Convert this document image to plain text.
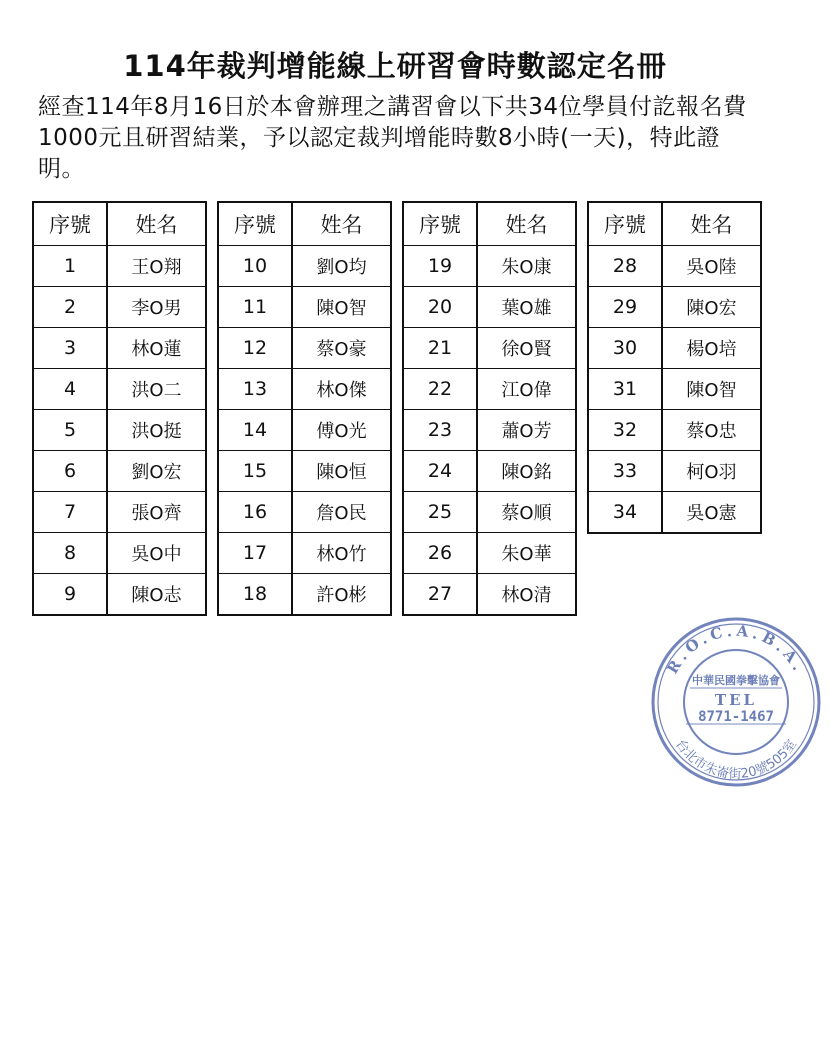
114年裁判增能線上研習會時數認定名冊
經查114年8月16日於本會辦理之講習會以下共34位學員付訖報名費1000元且研習結業，予以認定裁判增能時數8小時(一天)，特此證明。
序號	姓名
1	王O翔
2	李O男
3	林O蓮
4	洪O二
5	洪O挺
6	劉O宏
7	張O齊
8	吳O中
9	陳O志
序號	姓名
10	劉O均
11	陳O智
12	蔡O豪
13	林O傑
14	傅O光
15	陳O恒
16	詹O民
17	林O竹
18	許O彬
序號	姓名
19	朱O康
20	葉O雄
21	徐O賢
22	江O偉
23	蕭O芳
24	陳O銘
25	蔡O順
26	朱O華
27	林O清
序號	姓名
28	吳O陸
29	陳O宏
30	楊O培
31	陳O智
32	蔡O忠
33	柯O羽
34	吳O憲
R.O.C.A.B.A.
台北市朱崙街20號505室
中華民國拳擊協會
TEL
8771-1467
